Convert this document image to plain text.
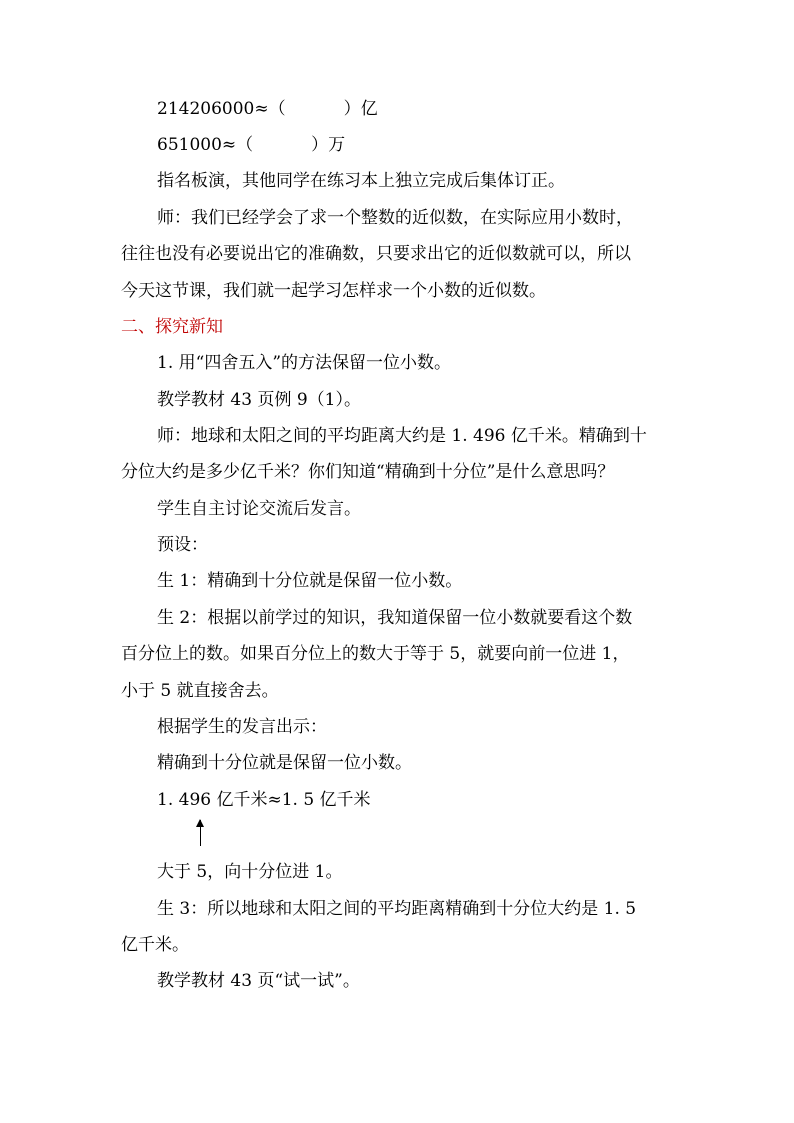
214206000≈（	）亿
651000≈（	）万
指名板演，其他同学在练习本上独立完成后集体订正。
师：我们已经学会了求一个整数的近似数，在实际应用小数时，
往往也没有必要说出它的准确数，只要求出它的近似数就可以，所以
今天这节课，我们就一起学习怎样求一个小数的近似数。
二、探究新知
1. 用“四舍五入”的方法保留一位小数。
教学教材 43 页例 9（1）。
师：地球和太阳之间的平均距离大约是 1. 496 亿千米。精确到十
分位大约是多少亿千米？你们知道“精确到十分位”是什么意思吗？
学生自主讨论交流后发言。
预设：
生 1：精确到十分位就是保留一位小数。
生 2：根据以前学过的知识，我知道保留一位小数就要看这个数
百分位上的数。如果百分位上的数大于等于 5，就要向前一位进 1，
小于 5 就直接舍去。
根据学生的发言出示：
精确到十分位就是保留一位小数。
1. 496 亿千米≈1. 5 亿千米
大于 5，向十分位进 1。
生 3：所以地球和太阳之间的平均距离精确到十分位大约是 1. 5
亿千米。
教学教材 43 页“试一试”。
